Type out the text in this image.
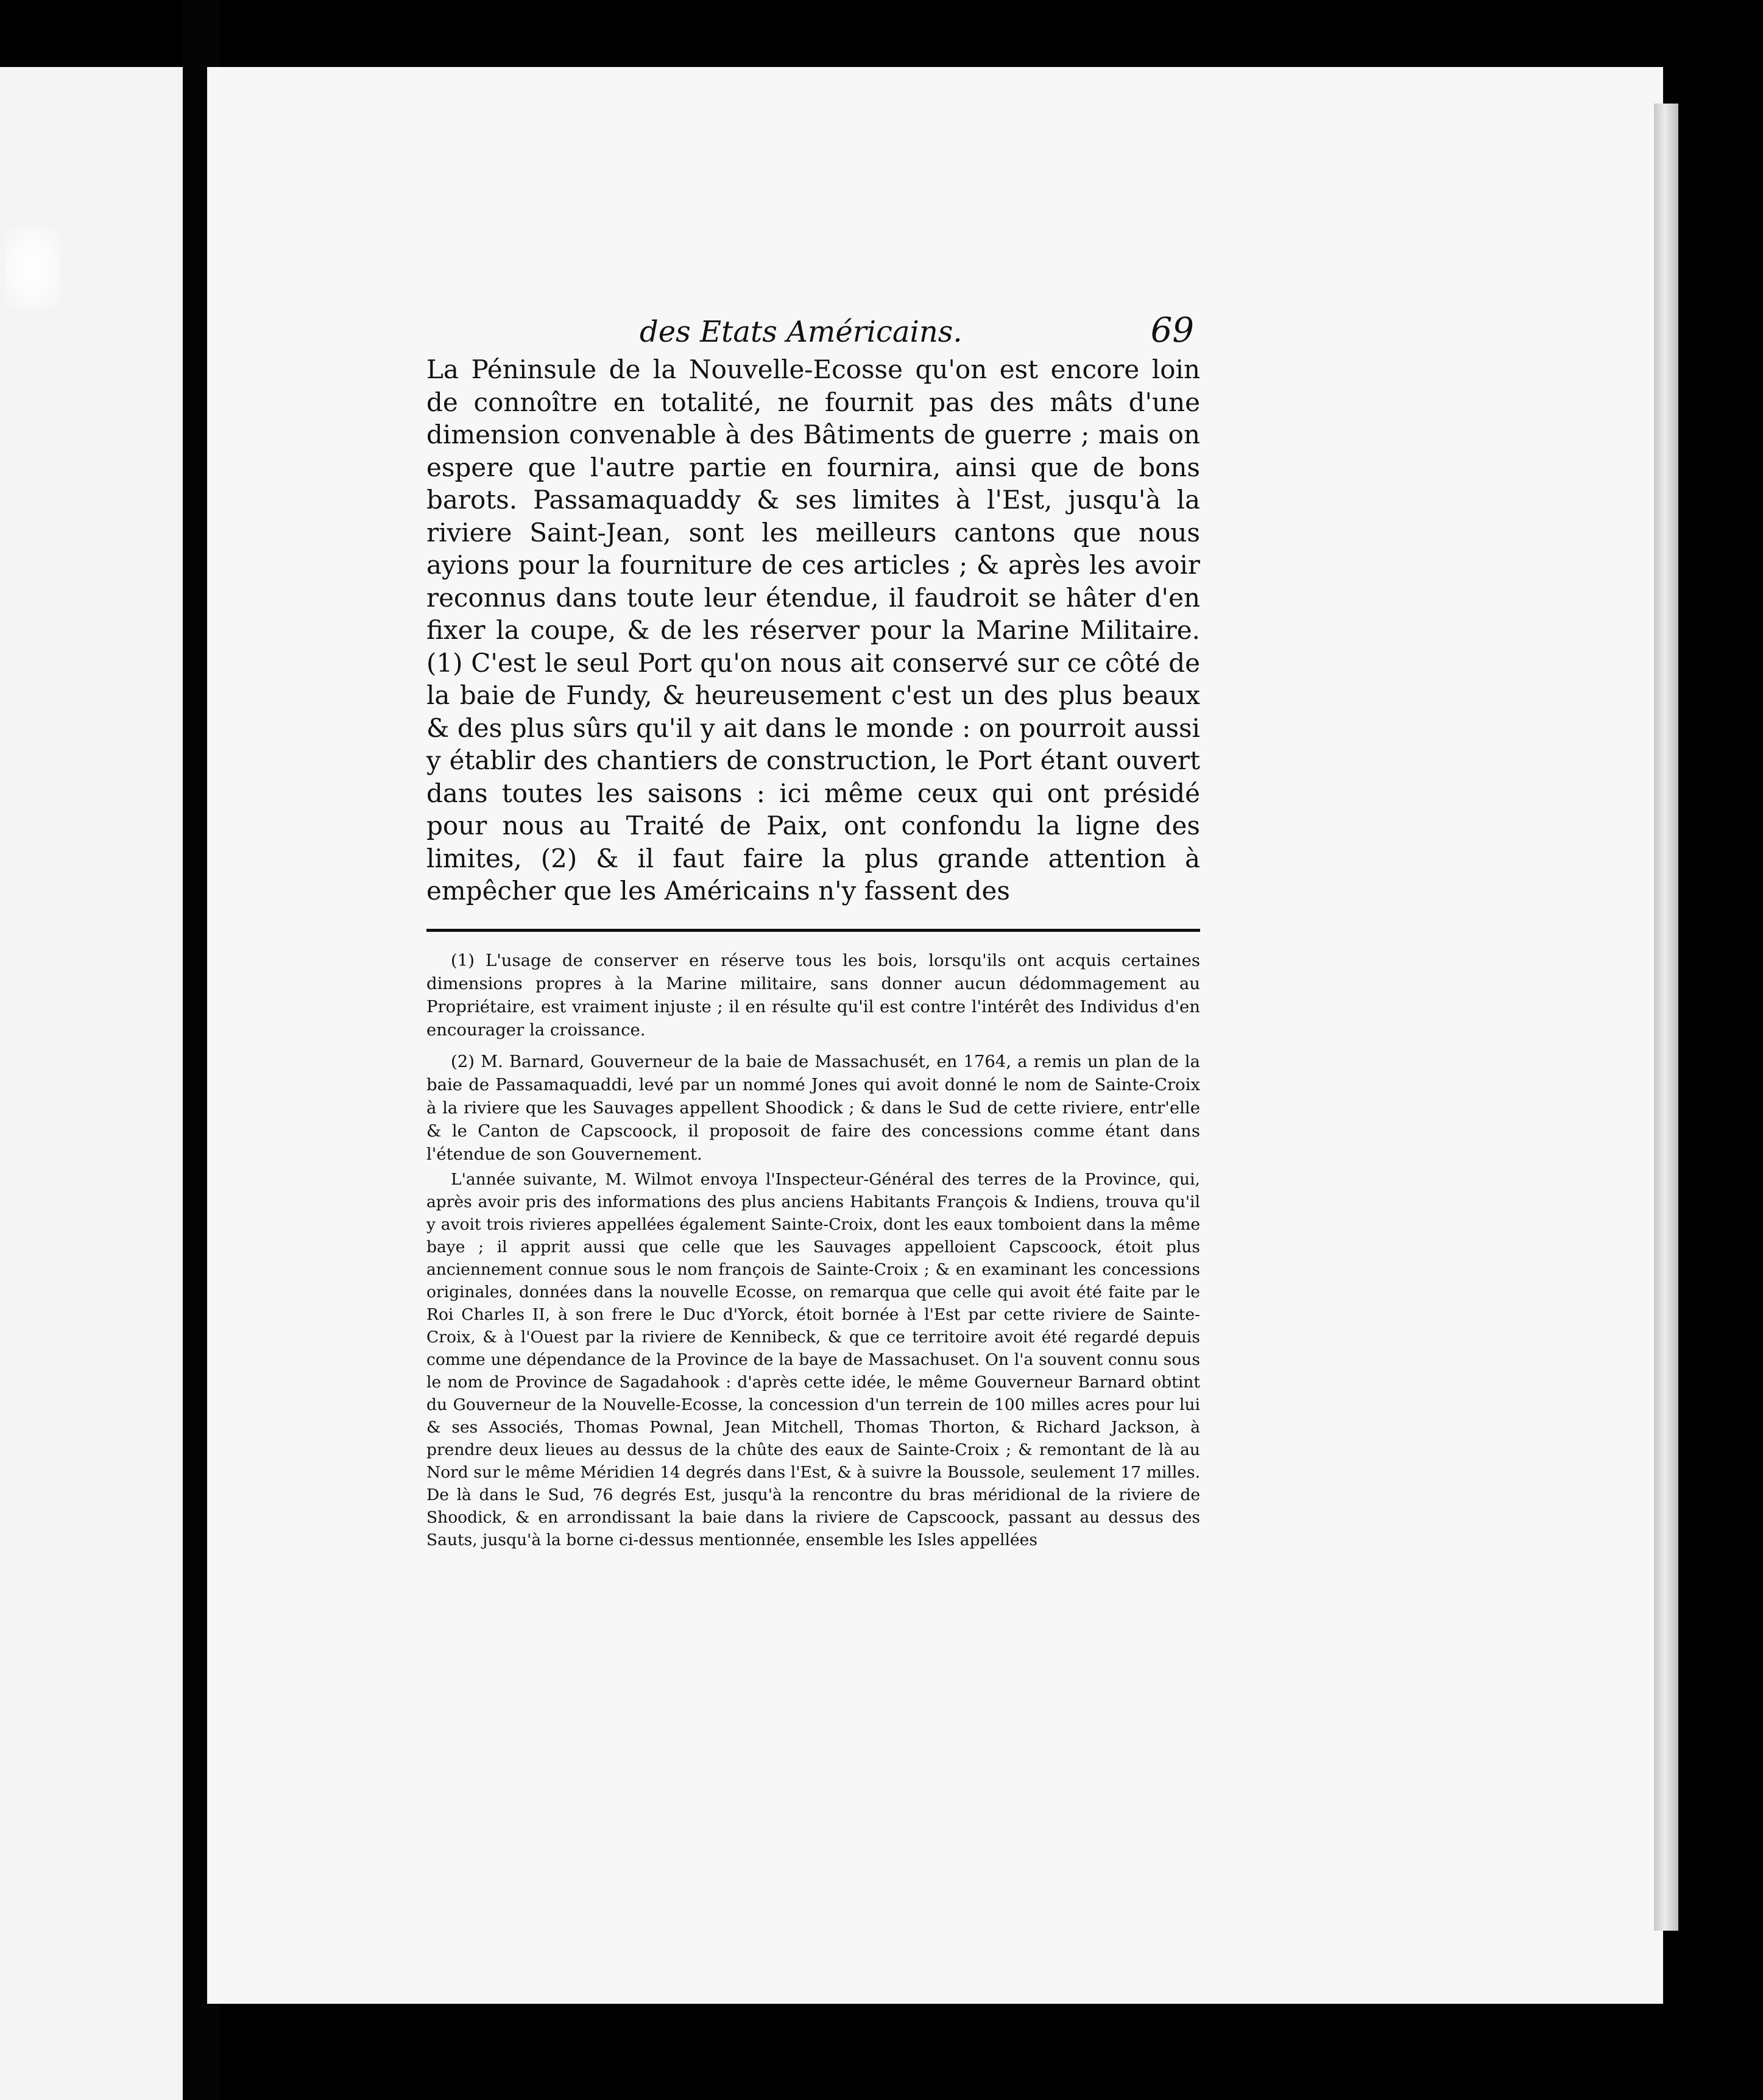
des Etats Américains.	69

La Péninsule de la Nouvelle-Ecosse qu'on est encore loin de connoître en totalité, ne fournit pas des mâts d'une dimension convenable à des Bâtiments de guerre ; mais on espere que l'autre partie en fournira, ainsi que de bons barots. Passamaquaddy & ses limites à l'Est, jusqu'à la riviere Saint-Jean, sont les meilleurs cantons que nous ayions pour la fourniture de ces articles ; & après les avoir reconnus dans toute leur étendue, il faudroit se hâter d'en fixer la coupe, & de les réserver pour la Marine Militaire. (1) C'est le seul Port qu'on nous ait conservé sur ce côté de la baie de Fundy, & heureusement c'est un des plus beaux & des plus sûrs qu'il y ait dans le monde : on pourroit aussi y établir des chantiers de construction, le Port étant ouvert dans toutes les saisons : ici même ceux qui ont présidé pour nous au Traité de Paix, ont confondu la ligne des limites, (2) & il faut faire la plus grande attention à empêcher que les Américains n'y fassent des

(1) L'usage de conserver en réserve tous les bois, lorsqu'ils ont acquis certaines dimensions propres à la Marine militaire, sans donner aucun dédommagement au Propriétaire, est vraiment injuste ; il en résulte qu'il est contre l'intérêt des Individus d'en encourager la croissance.

(2) M. Barnard, Gouverneur de la baie de Massachusét, en 1764, a remis un plan de la baie de Passamaquaddi, levé par un nommé Jones qui avoit donné le nom de Sainte-Croix à la riviere que les Sauvages appellent Shoodick ; & dans le Sud de cette riviere, entr'elle & le Canton de Capscoock, il proposoit de faire des concessions comme étant dans l'étendue de son Gouvernement.

L'année suivante, M. Wilmot envoya l'Inspecteur-Général des terres de la Province, qui, après avoir pris des informations des plus anciens Habitants François & Indiens, trouva qu'il y avoit trois rivieres appellées également Sainte-Croix, dont les eaux tomboient dans la même baye ; il apprit aussi que celle que les Sauvages appelloient Capscoock, étoit plus anciennement connue sous le nom françois de Sainte-Croix ; & en examinant les concessions originales, données dans la nouvelle Ecosse, on remarqua que celle qui avoit été faite par le Roi Charles II, à son frere le Duc d'Yorck, étoit bornée à l'Est par cette riviere de Sainte-Croix, & à l'Ouest par la riviere de Kennibeck, & que ce territoire avoit été regardé depuis comme une dépendance de la Province de la baye de Massachuset. On l'a souvent connu sous le nom de Province de Sagadahook : d'après cette idée, le même Gouverneur Barnard obtint du Gouverneur de la Nouvelle-Ecosse, la concession d'un terrein de 100 milles acres pour lui & ses Associés, Thomas Pownal, Jean Mitchell, Thomas Thorton, & Richard Jackson, à prendre deux lieues au dessus de la chûte des eaux de Sainte-Croix ; & remontant de là au Nord sur le même Méridien 14 degrés dans l'Est, & à suivre la Boussole, seulement 17 milles. De là dans le Sud, 76 degrés Est, jusqu'à la rencontre du bras méridional de la riviere de Shoodick, & en arrondissant la baie dans la riviere de Capscoock, passant au dessus des Sauts, jusqu'à la borne ci-dessus mentionnée, ensemble les Isles appellées
